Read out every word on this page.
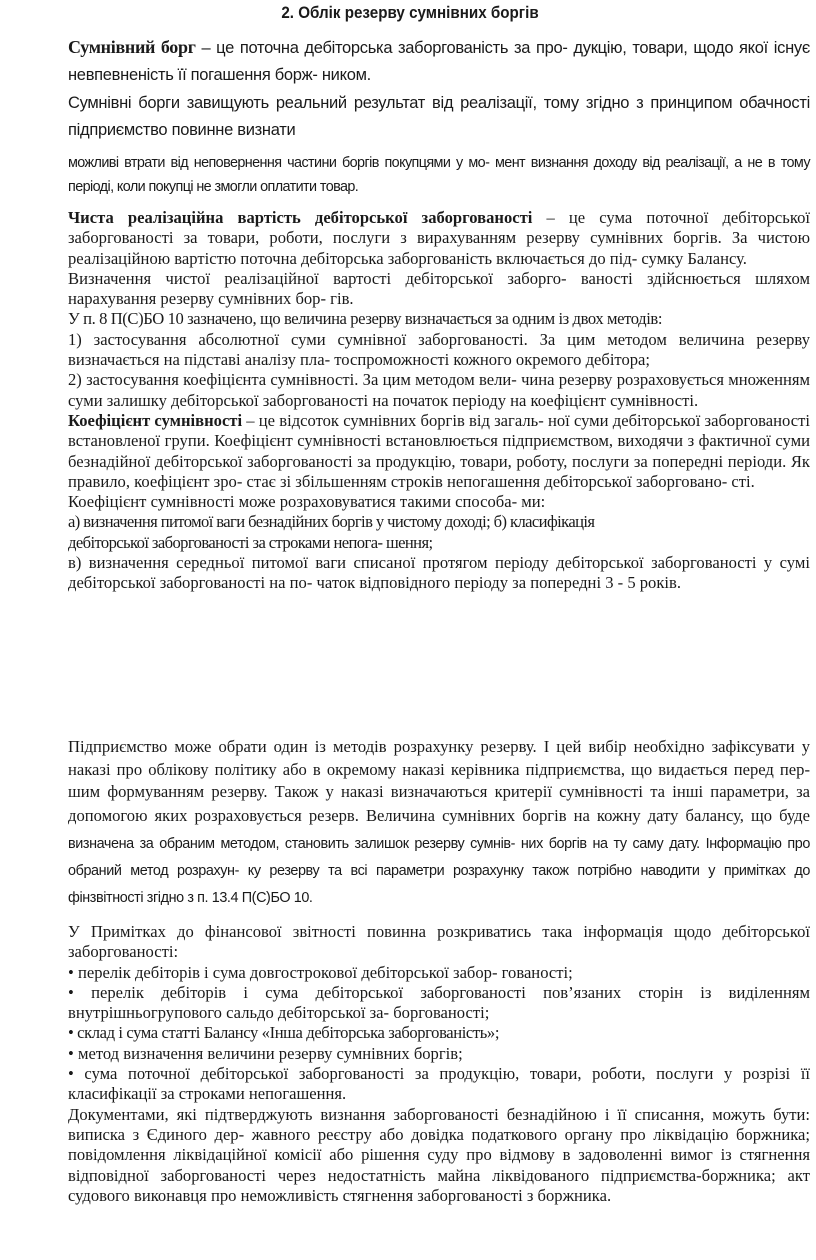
2. Облік резерву сумнівних боргів

Сумнівний борг – це поточна дебіторська заборгованість за про- дукцію, товари, щодо якої існує невпевненість її погашення борж- ником.

Сумнівні борги завищують реальний результат від реалізації, тому згідно з принципом обачності підприємство повинне визнати

можливі втрати від неповернення частини боргів покупцями у мо- мент визнання доходу від реалізації, а не в тому періоді, коли покупці не змогли оплатити товар.

Чиста реалізаційна вартість дебіторської заборгованості – це сума поточної дебіторської заборгованості за товари, роботи, послуги з вирахуванням резерву сумнівних боргів. За чистою реалізаційною вартістю поточна дебіторська заборгованість включається до під- сумку Балансу.

Визначення чистої реалізаційної вартості дебіторської заборго- ваності здійснюється шляхом нарахування резерву сумнівних бор- гів.

У п. 8 П(С)БО 10 зазначено, що величина резерву визначається за одним із двох методів:

1) застосування абсолютної суми сумнівної заборгованості. За цим методом величина резерву визначається на підставі аналізу пла- тоспроможності кожного окремого дебітора;

2) застосування коефіцієнта сумнівності. За цим методом вели- чина резерву розраховується множенням суми залишку дебіторської заборгованості на початок періоду на коефіцієнт сумнівності.

Коефіцієнт сумнівності – це відсоток сумнівних боргів від загаль- ної суми дебіторської заборгованості встановленої групи. Коефіцієнт сумнівності встановлюється підприємством, виходячи з фактичної суми безнадійної дебіторської заборгованості за продукцію, товари, роботу, послуги за попередні періоди. Як правило, коефіцієнт зро- стає зі збільшенням строків непогашення дебіторської заборговано- сті.

Коефіцієнт сумнівності може розраховуватися такими способа- ми:

а) визначення питомої ваги безнадійних боргів у чистому доході; б) класифікація дебіторської заборгованості за строками непога- шення;

в) визначення середньої питомої ваги списаної протягом періоду дебіторської заборгованості у сумі дебіторської заборгованості на по- чаток відповідного періоду за попередні 3 - 5 років.

Підприємство може обрати один із методів розрахунку резерву. І цей вибір необхідно зафіксувати у наказі про облікову політику або в окремому наказі керівника підприємства, що видається перед пер- шим формуванням резерву. Також у наказі визначаються критерії сумнівності та інші параметри, за допомогою яких розраховується резерв. Величина сумнівних боргів на кожну дату балансу, що буде визначена за обраним методом, становить залишок резерву сумнів- них боргів на ту саму дату. Інформацію про обраний метод розрахун- ку резерву та всі параметри розрахунку також потрібно наводити у примітках до фінзвітності згідно з п. 13.4 П(С)БО 10.

У Примітках до фінансової звітності повинна розкриватись така інформація щодо дебіторської заборгованості:

• перелік дебіторів і сума довгострокової дебіторської забор- гованості;

• перелік дебіторів і сума дебіторської заборгованості пов’язаних сторін із виділенням внутрішньогрупового сальдо дебіторської за- боргованості;

• склад і сума статті Балансу «Інша дебіторська заборгованість»;

• метод визначення величини резерву сумнівних боргів;

• сума поточної дебіторської заборгованості за продукцію, товари, роботи, послуги у розрізі її класифікації за строками непогашення.

Документами, які підтверджують визнання заборгованості безнадійною і її списання, можуть бути: виписка з Єдиного дер- жавного реєстру або довідка податкового органу про ліквідацію боржника; повідомлення ліквідаційної комісії або рішення суду про відмову в задоволенні вимог із стягнення відповідної заборгованості через недостатність майна ліквідованого підприємства-боржника; акт судового виконавця про неможливість стягнення заборгованості з боржника.
